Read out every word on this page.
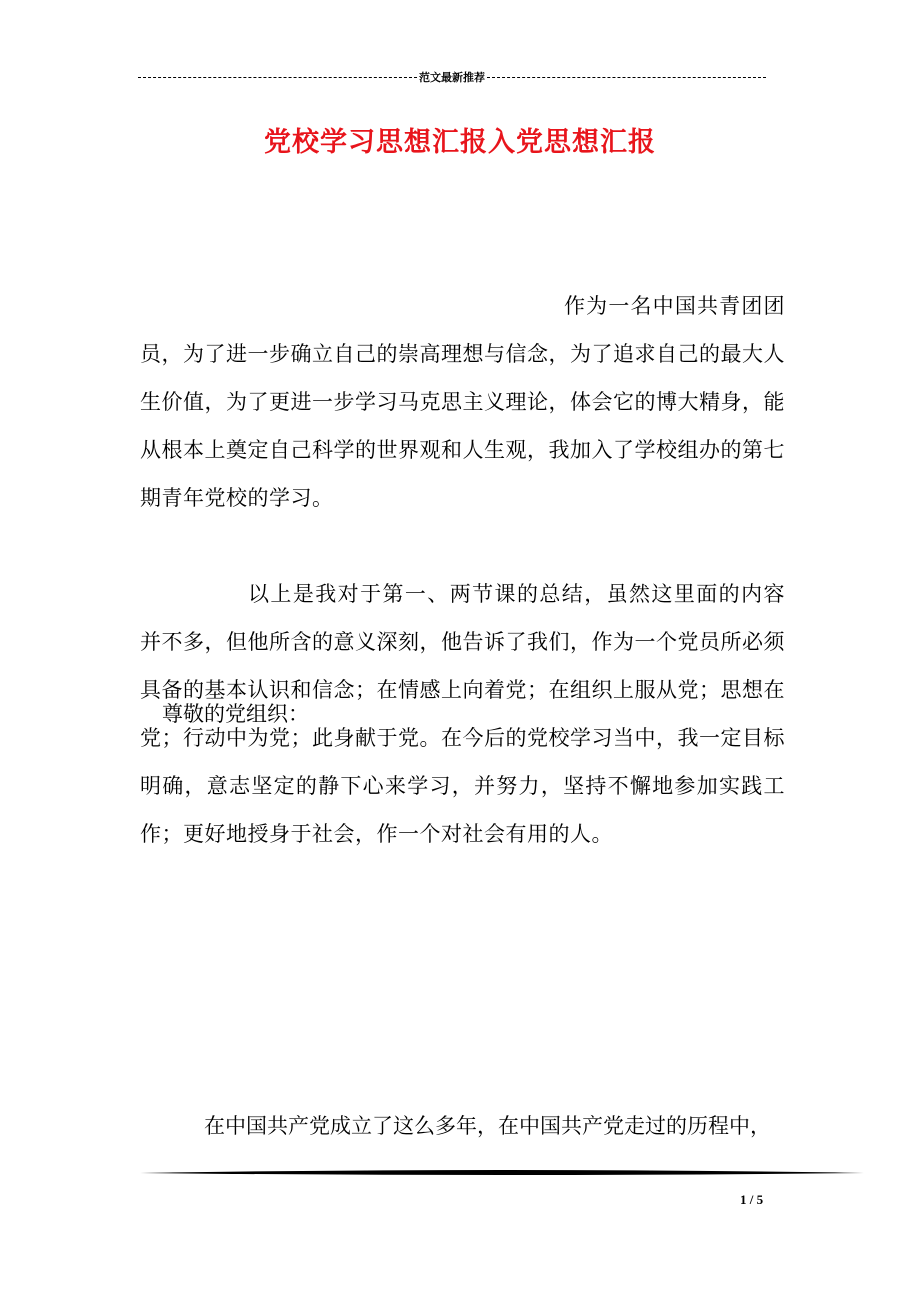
范文最新推荐
党校学习思想汇报入党思想汇报

作为一名中国共青团团员，为了进一步确立自己的崇高理想与信念，为了追求自己的最大人生价值，为了更进一步学习马克思主义理论，体会它的博大精身，能从根本上奠定自己科学的世界观和人生观，我加入了学校组办的第七期青年党校的学习。

以上是我对于第一、两节课的总结，虽然这里面的内容并不多，但他所含的意义深刻，他告诉了我们，作为一个党员所必须具备的基本认识和信念；在情感上向着党；在组织上服从党；思想在党；行动中为党；此身献于党。在今后的党校学习当中，我一定目标明确，意志坚定的静下心来学习，并努力，坚持不懈地参加实践工作；更好地授身于社会，作一个对社会有用的人。

尊敬的党组织：

在中国共产党成立了这么多年，在中国共产党走过的历程中，

1 / 5
